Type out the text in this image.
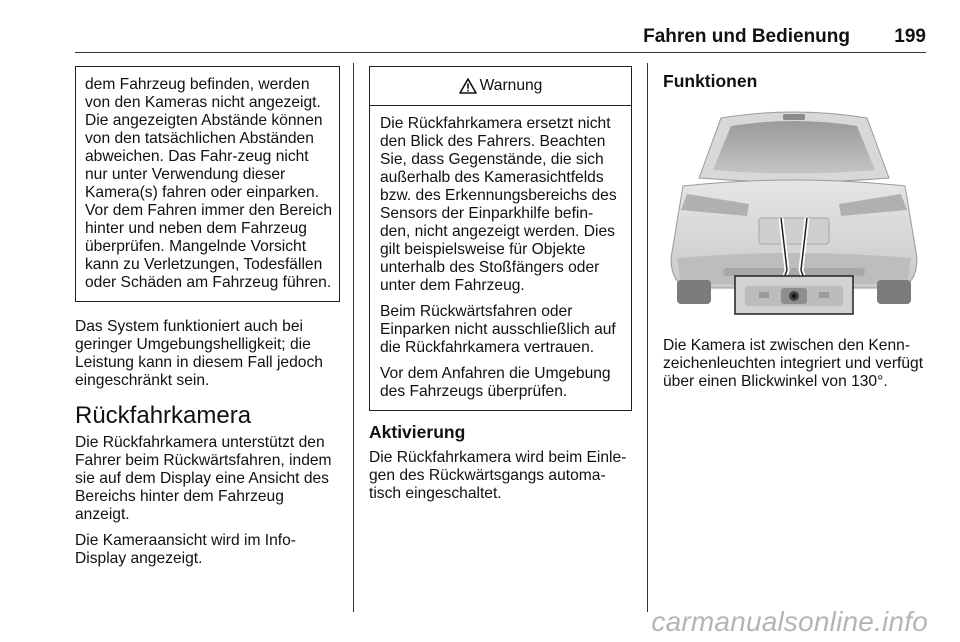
Fahren und Bedienung	199

dem Fahrzeug befinden, werden von den Kameras nicht angezeigt. Die angezeigten Abstände können von den tatsächlichen Abständen abweichen. Das Fahr-zeug nicht nur unter Verwendung dieser Kamera(s) fahren oder einparken. Vor dem Fahren immer den Bereich hinter und neben dem Fahrzeug überprüfen. Mangelnde Vorsicht kann zu Verletzungen, Todesfällen oder Schäden am Fahrzeug führen.

Das System funktioniert auch bei geringer Umgebungshelligkeit; die Leistung kann in diesem Fall jedoch eingeschränkt sein.

Rückfahrkamera

Die Rückfahrkamera unterstützt den Fahrer beim Rückwärtsfahren, indem sie auf dem Display eine Ansicht des Bereichs hinter dem Fahrzeug anzeigt.

Die Kameraansicht wird im Info-Display angezeigt.

Warnung

Die Rückfahrkamera ersetzt nicht den Blick des Fahrers. Beachten Sie, dass Gegenstände, die sich außerhalb des Kamerasichtfelds bzw. des Erkennungsbereichs des Sensors der Einparkhilfe befin-den, nicht angezeigt werden. Dies gilt beispielsweise für Objekte unterhalb des Stoßfängers oder unter dem Fahrzeug.

Beim Rückwärtsfahren oder Einparken nicht ausschließlich auf die Rückfahrkamera vertrauen.

Vor dem Anfahren die Umgebung des Fahrzeugs überprüfen.

Aktivierung

Die Rückfahrkamera wird beim Einle-gen des Rückwärtsgangs automa-tisch eingeschaltet.

Funktionen

Die Kamera ist zwischen den Kenn-zeichenleuchten integriert und verfügt über einen Blickwinkel von 130°.

carmanualsonline.info
